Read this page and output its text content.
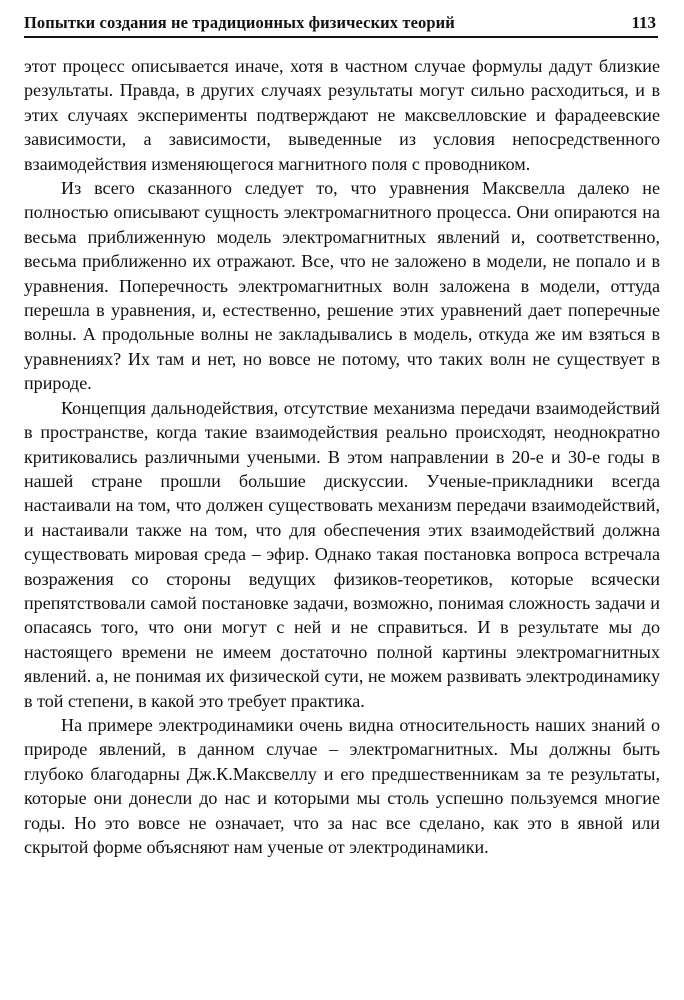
Попытки создания не традиционных физических теорий	113

этот процесс описывается иначе, хотя в частном случае формулы дадут близкие результаты. Правда, в других случаях результаты могут сильно расходиться, и в этих случаях эксперименты подтверждают не максвелловские и фарадеевские зависимости, а зависимости, выведенные из условия непосредственного взаимодействия изменяющегося магнитного поля с проводником.

Из всего сказанного следует то, что уравнения Максвелла далеко не полностью описывают сущность электромагнитного процесса. Они опираются на весьма приближенную модель электромагнитных явлений и, соответственно, весьма приближенно их отражают. Все, что не заложено в модели, не попало и в уравнения. Поперечность электромагнитных волн заложена в модели, оттуда перешла в уравнения, и, естественно, решение этих уравнений дает поперечные волны. А продольные волны не закладывались в модель, откуда же им взяться в уравнениях? Их там и нет, но вовсе не потому, что таких волн не существует в природе.

Концепция дальнодействия, отсутствие механизма передачи взаимодействий в пространстве, когда такие взаимодействия реально происходят, неоднократно критиковались различными учеными. В этом направлении в 20-е и 30-е годы в нашей стране прошли большие дискуссии. Ученые-прикладники всегда настаивали на том, что должен существовать механизм передачи взаимодействий, и настаивали также на том, что для обеспечения этих взаимодействий должна существовать мировая среда – эфир. Однако такая постановка вопроса встречала возражения со стороны ведущих физиков-теоретиков, которые всячески препятствовали самой постановке задачи, возможно, понимая сложность задачи и опасаясь того, что они могут с ней и не справиться. И в результате мы до настоящего времени не имеем достаточно полной картины электромагнитных явлений. а, не понимая их физической сути, не можем развивать электродинамику в той степени, в какой это требует практика.

На примере электродинамики очень видна относительность наших знаний о природе явлений, в данном случае – электромагнитных. Мы должны быть глубоко благодарны Дж.К.Максвеллу и его предшественникам за те результаты, которые они донесли до нас и которыми мы столь успешно пользуемся многие годы. Но это вовсе не означает, что за нас все сделано, как это в явной или скрытой форме объясняют нам ученые от электродинамики.
